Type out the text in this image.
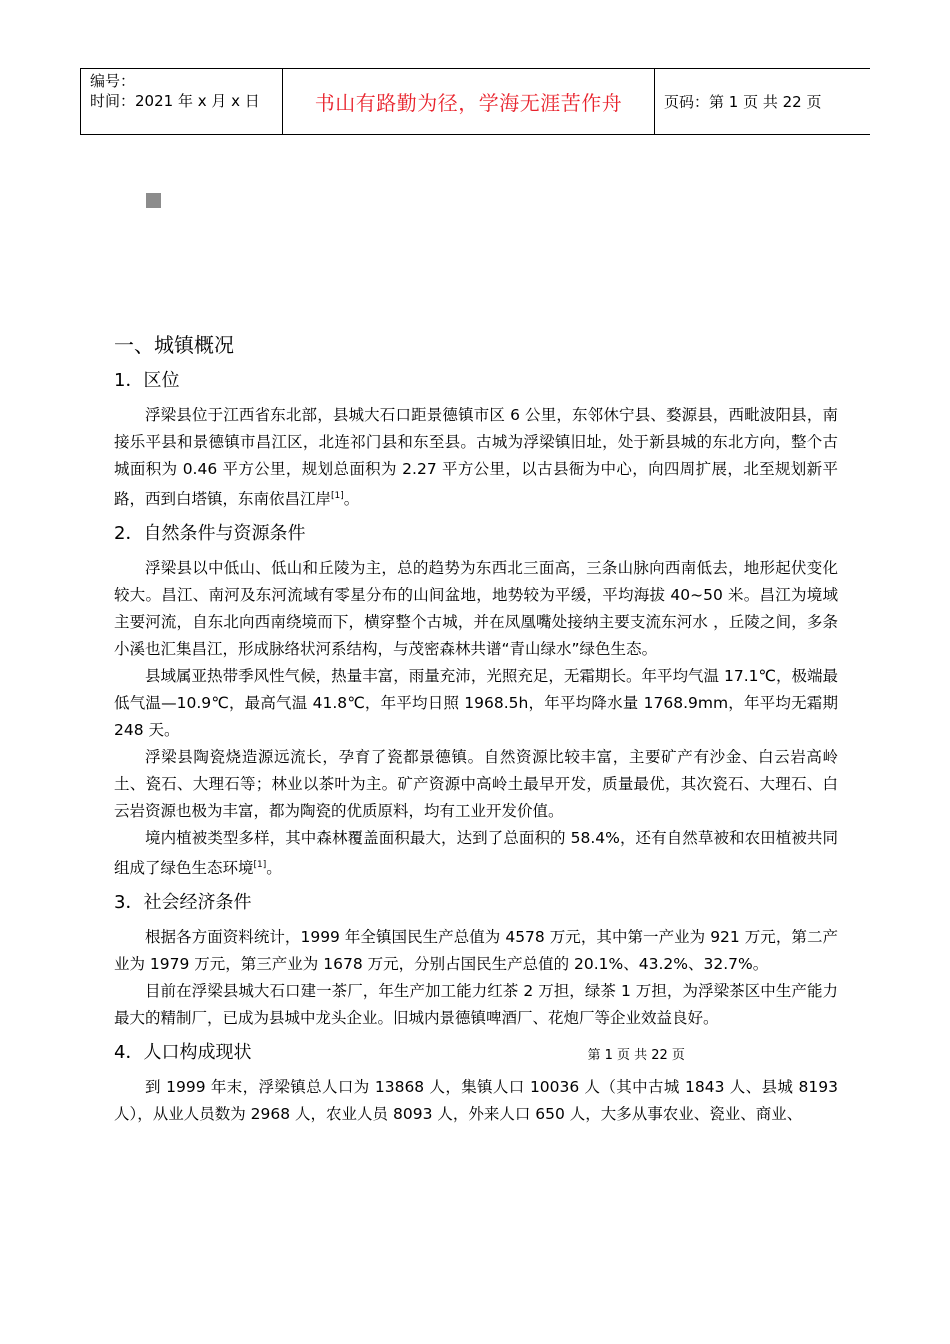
编号：
时间：2021 年 x 月 x 日	书山有路勤为径，学海无涯苦作舟	页码：第 1 页 共 22 页
一、城镇概况
1．区位

浮梁县位于江西省东北部，县城大石口距景德镇市区 6 公里，东邻休宁县、婺源县，西毗波阳县，南接乐平县和景德镇市昌江区，北连祁门县和东至县。古城为浮梁镇旧址，处于新县城的东北方向，整个古城面积为 0.46 平方公里，规划总面积为 2.27 平方公里，以古县衙为中心，向四周扩展，北至规划新平路，西到白塔镇，东南依昌江岸[1]。

2．自然条件与资源条件

浮梁县以中低山、低山和丘陵为主，总的趋势为东西北三面高，三条山脉向西南低去，地形起伏变化较大。昌江、南河及东河流域有零星分布的山间盆地，地势较为平缓，平均海拔 40~50 米。昌江为境域主要河流，自东北向西南绕境而下，横穿整个古城，并在凤凰嘴处接纳主要支流东河水 ，丘陵之间，多条小溪也汇集昌江，形成脉络状河系结构，与茂密森林共谱“青山绿水”绿色生态。

县域属亚热带季风性气候，热量丰富，雨量充沛，光照充足，无霜期长。年平均气温 17.1℃，极端最低气温—10.9℃，最高气温 41.8℃，年平均日照 1968.5h，年平均降水量 1768.9mm，年平均无霜期 248 天。

浮梁县陶瓷烧造源远流长，孕育了瓷都景德镇。自然资源比较丰富，主要矿产有沙金、白云岩高岭土、瓷石、大理石等；林业以茶叶为主。矿产资源中高岭土最早开发，质量最优，其次瓷石、大理石、白云岩资源也极为丰富，都为陶瓷的优质原料，均有工业开发价值。

境内植被类型多样，其中森林覆盖面积最大，达到了总面积的 58.4%，还有自然草被和农田植被共同组成了绿色生态环境[1]。

3．社会经济条件

根据各方面资料统计，1999 年全镇国民生产总值为 4578 万元，其中第一产业为 921 万元，第二产业为 1979 万元，第三产业为 1678 万元，分别占国民生产总值的 20.1%、43.2%、32.7%。

目前在浮梁县城大石口建一茶厂，年生产加工能力红茶 2 万担，绿茶 1 万担，为浮梁茶区中生产能力最大的精制厂，已成为县城中龙头企业。旧城内景德镇啤酒厂、花炮厂等企业效益良好。

4．人口构成现状	第 1 页 共 22 页

到 1999 年末，浮梁镇总人口为 13868 人，集镇人口 10036 人（其中古城 1843 人、县城 8193 人），从业人员数为 2968 人，农业人员 8093 人，外来人口 650 人，大多从事农业、瓷业、商业、
